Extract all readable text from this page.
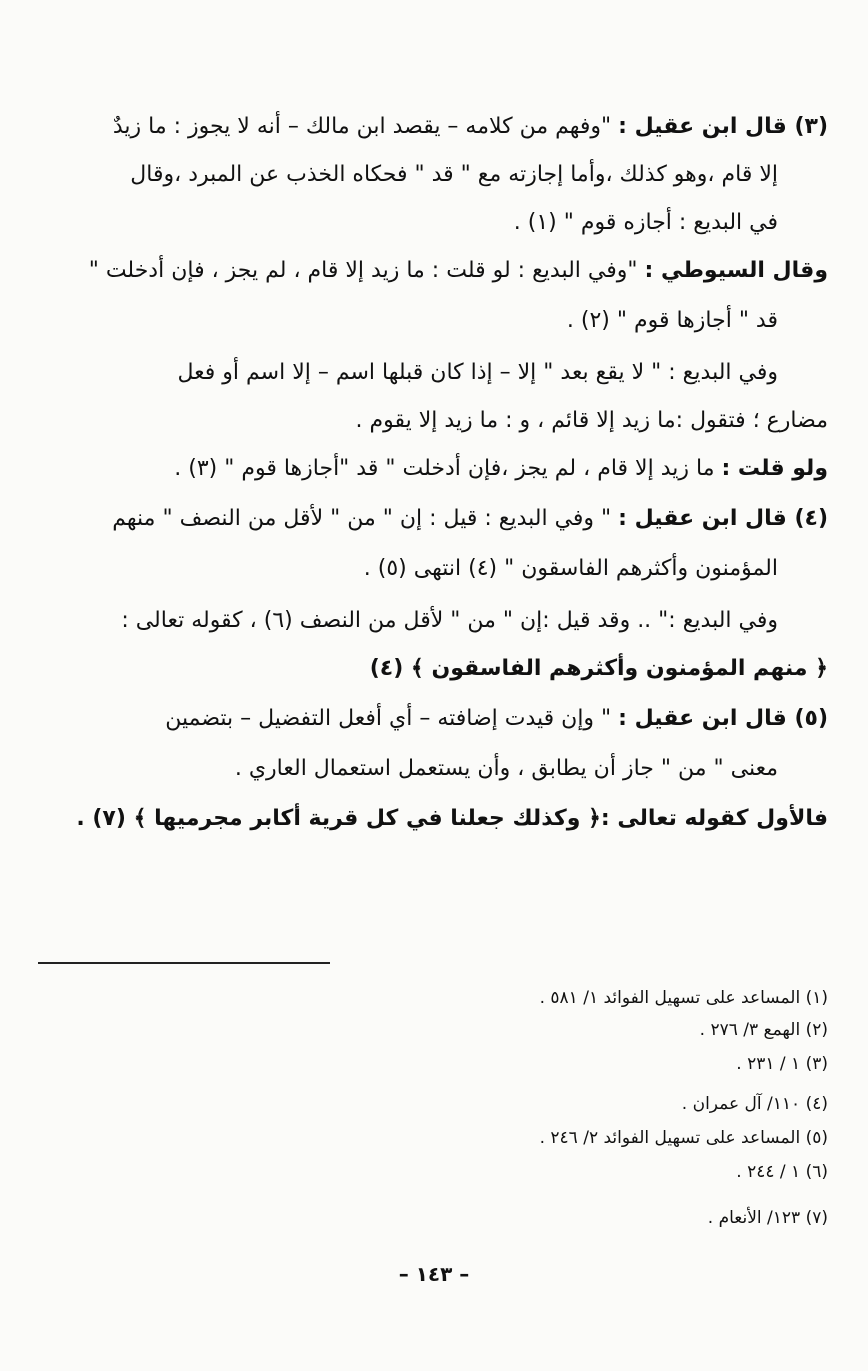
(٣) قال ابن عقيل : "وفهم من كلامه – يقصد ابن مالك – أنه لا يجوز : ما زيدٌ
إلا قام ،وهو كذلك ،وأما إجازته مع " قد " فحكاه الخذب عن المبرد ،وقال
في البديع : أجازه قوم " (١) .
وقال السيوطي : "وفي البديع : لو قلت : ما زيد إلا قام ، لم يجز ، فإن أدخلت "
قد " أجازها قوم " (٢) .
وفي البديع : " لا يقع بعد " إلا – إذا كان قبلها اسم – إلا اسم أو فعل
مضارع ؛ فتقول :ما زيد إلا قائم ، و : ما زيد إلا يقوم .
ولو قلت : ما زيد إلا قام ، لم يجز ،فإن أدخلت " قد "أجازها قوم " (٣) .
(٤) قال ابن عقيل : " وفي البديع : قيل : إن " من " لأقل من النصف " منهم
المؤمنون وأكثرهم الفاسقون " (٤) انتهى (٥) .
وفي البديع :" .. وقد قيل :إن " من " لأقل من النصف (٦) ، كقوله تعالى :
﴿ منهم المؤمنون وأكثرهم الفاسقون ﴾ (٤)
(٥) قال ابن عقيل : " وإن قيدت إضافته – أي أفعل التفضيل – بتضمين
معنى " من " جاز أن يطابق ، وأن يستعمل استعمال العاري .
فالأول كقوله تعالى :﴿ وكذلك جعلنا في كل قرية أكابر مجرميها ﴾ (٧) .
(١) المساعد على تسهيل الفوائد ١/ ٥٨١ .
(٢) الهمع ٣/ ٢٧٦ .
(٣) ١ / ٢٣١ .
(٤) ١١٠/ آل عمران .
(٥) المساعد على تسهيل الفوائد ٢/ ٢٤٦ .
(٦) ١ / ٢٤٤ .
(٧) ١٢٣/ الأنعام .
– ١٤٣ –
